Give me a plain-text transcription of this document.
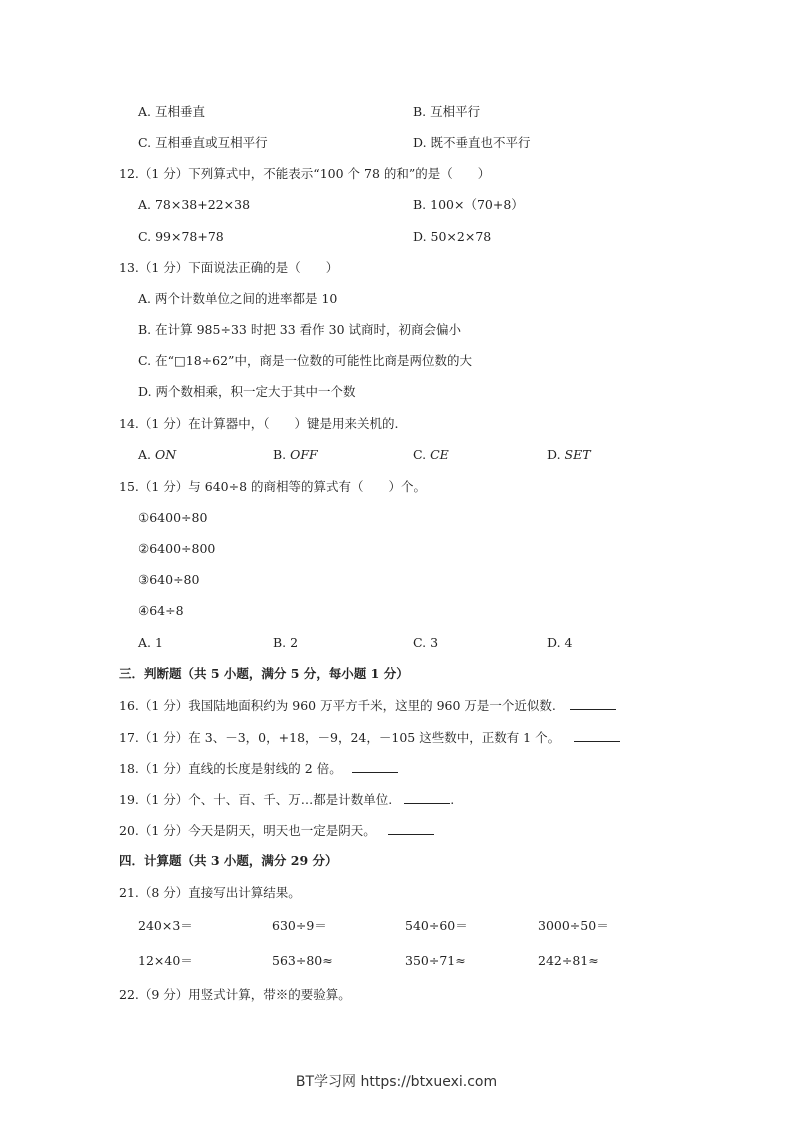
A. 互相垂直	B. 互相平行
C. 互相垂直或互相平行	D. 既不垂直也不平行
12.（1 分）下列算式中，不能表示“100 个 78 的和”的是（　　）
A. 78×38+22×38	B. 100×（70+8）
C. 99×78+78	D. 50×2×78
13.（1 分）下面说法正确的是（　　）
A. 两个计数单位之间的进率都是 10
B. 在计算 985÷33 时把 33 看作 30 试商时，初商会偏小
C. 在“□18÷62”中，商是一位数的可能性比商是两位数的大
D. 两个数相乘，积一定大于其中一个数
14.（1 分）在计算器中，（　　）键是用来关机的.
A. ON	B. OFF	C. CE	D. SET
15.（1 分）与 640÷8 的商相等的算式有（　　）个。
①6400÷80
②6400÷800
③640÷80
④64÷8
A. 1	B. 2	C. 3	D. 4
三．判断题（共 5 小题，满分 5 分，每小题 1 分）
16.（1 分）我国陆地面积约为 960 万平方千米，这里的 960 万是一个近似数.
17.（1 分）在 3、－3，0，+18，－9，24，－105 这些数中，正数有 1 个。
18.（1 分）直线的长度是射线的 2 倍。
19.（1 分）个、十、百、千、万…都是计数单位.	.
20.（1 分）今天是阴天，明天也一定是阴天。
四．计算题（共 3 小题，满分 29 分）
21.（8 分）直接写出计算结果。
240×3＝	630÷9＝	540÷60＝	3000÷50＝
12×40＝	563÷80≈	350÷71≈	242÷81≈
22.（9 分）用竖式计算，带※的要验算。
BT学习网 https://btxuexi.com
